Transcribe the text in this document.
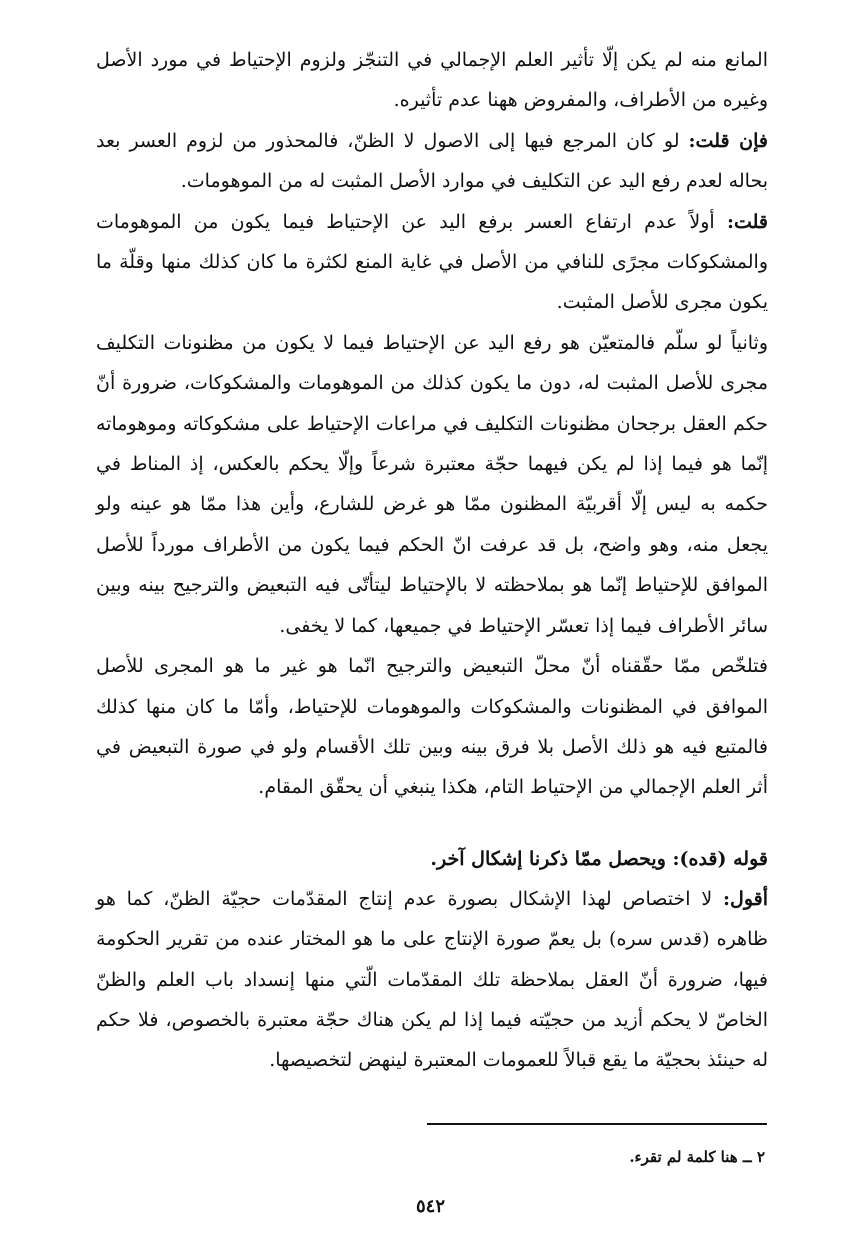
المانع منه لم يكن إلّا تأثير العلم الإجمالي في التنجّز ولزوم الإحتياط في مورد الأصل وغيره من الأطراف، والمفروض ههنا عدم تأثيره.

فإن قلت: لو كان المرجع فيها إلى الاصول لا الظنّ، فالمحذور من لزوم العسر بعد بحاله لعدم رفع اليد عن التكليف في موارد الأصل المثبت له من الموهومات.

قلت: أولاً عدم ارتفاع العسر برفع اليد عن الإحتياط فيما يكون من الموهومات والمشكوكات مجرًى للنافي من الأصل في غاية المنع لكثرة ما كان كذلك منها وقلّة ما يكون مجرى للأصل المثبت.

وثانياً لو سلّم فالمتعيّن هو رفع اليد عن الإحتياط فيما لا يكون من مظنونات التكليف مجرى للأصل المثبت له، دون ما يكون كذلك من الموهومات والمشكوكات، ضرورة أنّ حكم العقل برجحان مظنونات التكليف في مراعات الإحتياط على مشكوكاته وموهوماته إنّما هو فيما إذا لم يكن فيهما حجّة معتبرة شرعاً وإلّا يحكم بالعكس، إذ المناط في حكمه به ليس إلّا أقربيّة المظنون ممّا هو غرض للشارع، وأين هذا ممّا هو عينه ولو يجعل منه، وهو واضح، بل قد عرفت انّ الحكم فيما يكون من الأطراف مورداً للأصل الموافق للإحتياط إنّما هو بملاحظته لا بالإحتياط ليتأتّى فيه التبعيض والترجيح بينه وبين سائر الأطراف فيما إذا تعسّر الإحتياط في جميعها، كما لا يخفى.

فتلخّص ممّا حقّقناه أنّ محلّ التبعيض والترجيح انّما هو غير ما هو المجرى للأصل الموافق في المظنونات والمشكوكات والموهومات للإحتياط، وأمّا ما كان منها كذلك فالمتبع فيه هو ذلك الأصل بلا فرق بينه وبين تلك الأقسام ولو في صورة التبعيض في أثر العلم الإجمالي من الإحتياط التام، هكذا ينبغي أن يحقّق المقام.

قوله (قده): ويحصل ممّا ذكرنا إشكال آخر.

أقول: لا اختصاص لهذا الإشكال بصورة عدم إنتاج المقدّمات حجيّة الظنّ، كما هو ظاهره (قدس سره) بل يعمّ صورة الإنتاج على ما هو المختار عنده من تقرير الحكومة فيها، ضرورة أنّ العقل بملاحظة تلك المقدّمات الّتي منها إنسداد باب العلم والظنّ الخاصّ لا يحكم أزيد من حجيّته فيما إذا لم يكن هناك حجّة معتبرة بالخصوص، فلا حكم له حينئذ بحجيّة ما يقع قبالاً للعمومات المعتبرة لينهض لتخصيصها.

٢ ــ هنا كلمة لم تقرء.
٥٤٢
